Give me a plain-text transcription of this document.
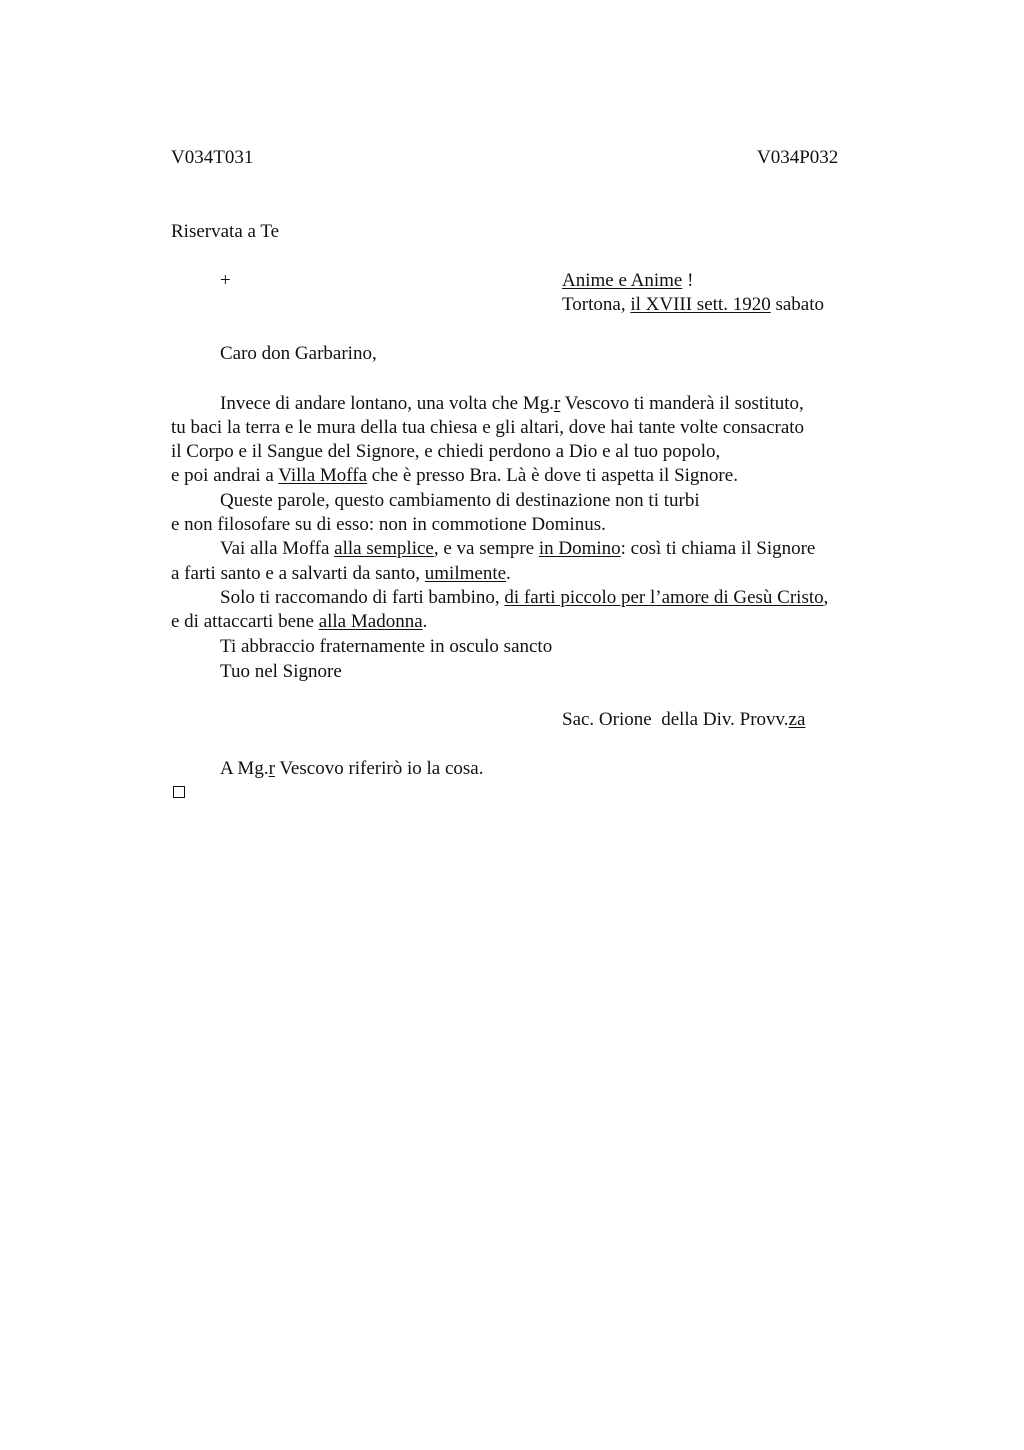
V034T031	V034P032
Riservata a Te
+	Anime e Anime !
Tortona, il XVIII sett. 1920 sabato
Caro don Garbarino,
Invece di andare lontano, una volta che Mg.r Vescovo ti manderà il sostituto,
tu baci la terra e le mura della tua chiesa e gli altari, dove hai tante volte consacrato
il Corpo e il Sangue del Signore, e chiedi perdono a Dio e al tuo popolo,
e poi andrai a Villa Moffa che è presso Bra. Là è dove ti aspetta il Signore.
Queste parole, questo cambiamento di destinazione non ti turbi
e non filosofare su di esso: non in commotione Dominus.
Vai alla Moffa alla semplice, e va sempre in Domino: così ti chiama il Signore
a farti santo e a salvarti da santo, umilmente.
Solo ti raccomando di farti bambino, di farti piccolo per l’amore di Gesù Cristo,
e di attaccarti bene alla Madonna.
Ti abbraccio fraternamente in osculo sancto
Tuo nel Signore
Sac. Orione  della Div. Provv.za
A Mg.r Vescovo riferirò io la cosa.
